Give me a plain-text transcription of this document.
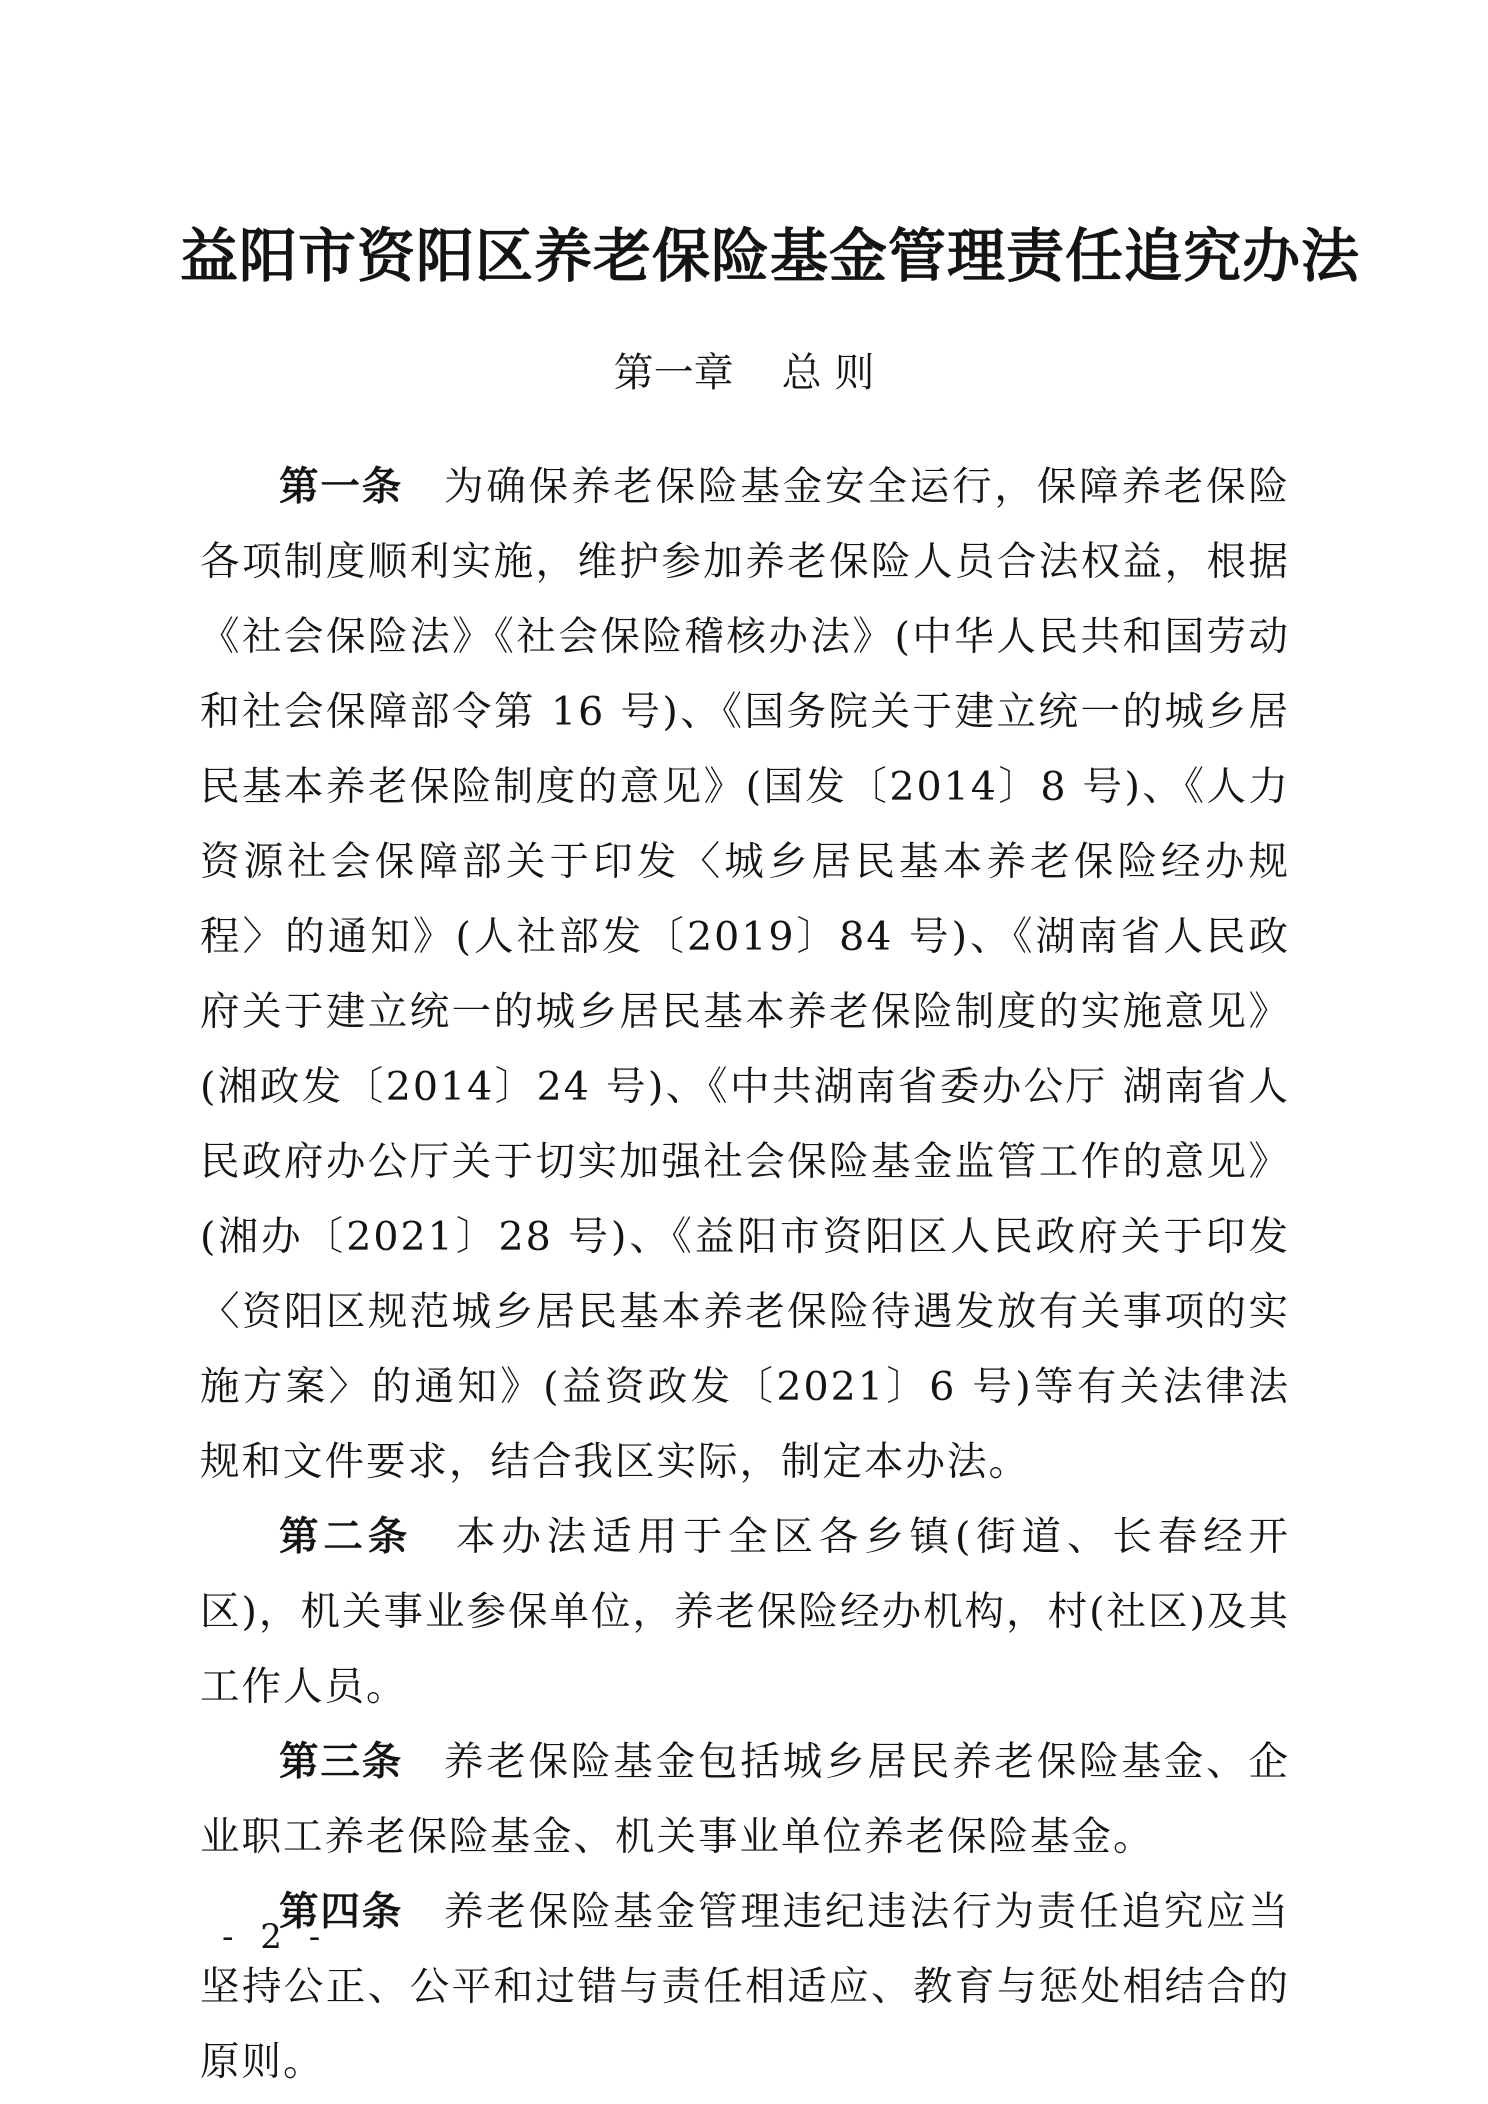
益阳市资阳区养老保险基金管理责任追究办法
第一章 总 则

第一条 为确保养老保险基金安全运行，保障养老保险各项制度顺利实施，维护参加养老保险人员合法权益，根据《社会保险法》《社会保险稽核办法》(中华人民共和国劳动和社会保障部令第 16 号)、《国务院关于建立统一的城乡居民基本养老保险制度的意见》(国发〔2014〕8 号)、《人力资源社会保障部关于印发〈城乡居民基本养老保险经办规程〉的通知》(人社部发〔2019〕84 号)、《湖南省人民政府关于建立统一的城乡居民基本养老保险制度的实施意见》(湘政发〔2014〕24 号)、《中共湖南省委办公厅 湖南省人民政府办公厅关于切实加强社会保险基金监管工作的意见》(湘办〔2021〕28 号)、《益阳市资阳区人民政府关于印发〈资阳区规范城乡居民基本养老保险待遇发放有关事项的实施方案〉的通知》(益资政发〔2021〕6 号)等有关法律法规和文件要求，结合我区实际，制定本办法。

第二条 本办法适用于全区各乡镇(街道、长春经开区)，机关事业参保单位，养老保险经办机构，村(社区)及其工作人员。

第三条 养老保险基金包括城乡居民养老保险基金、企业职工养老保险基金、机关事业单位养老保险基金。

第四条 养老保险基金管理违纪违法行为责任追究应当坚持公正、公平和过错与责任相适应、教育与惩处相结合的原则。

- 2 -
